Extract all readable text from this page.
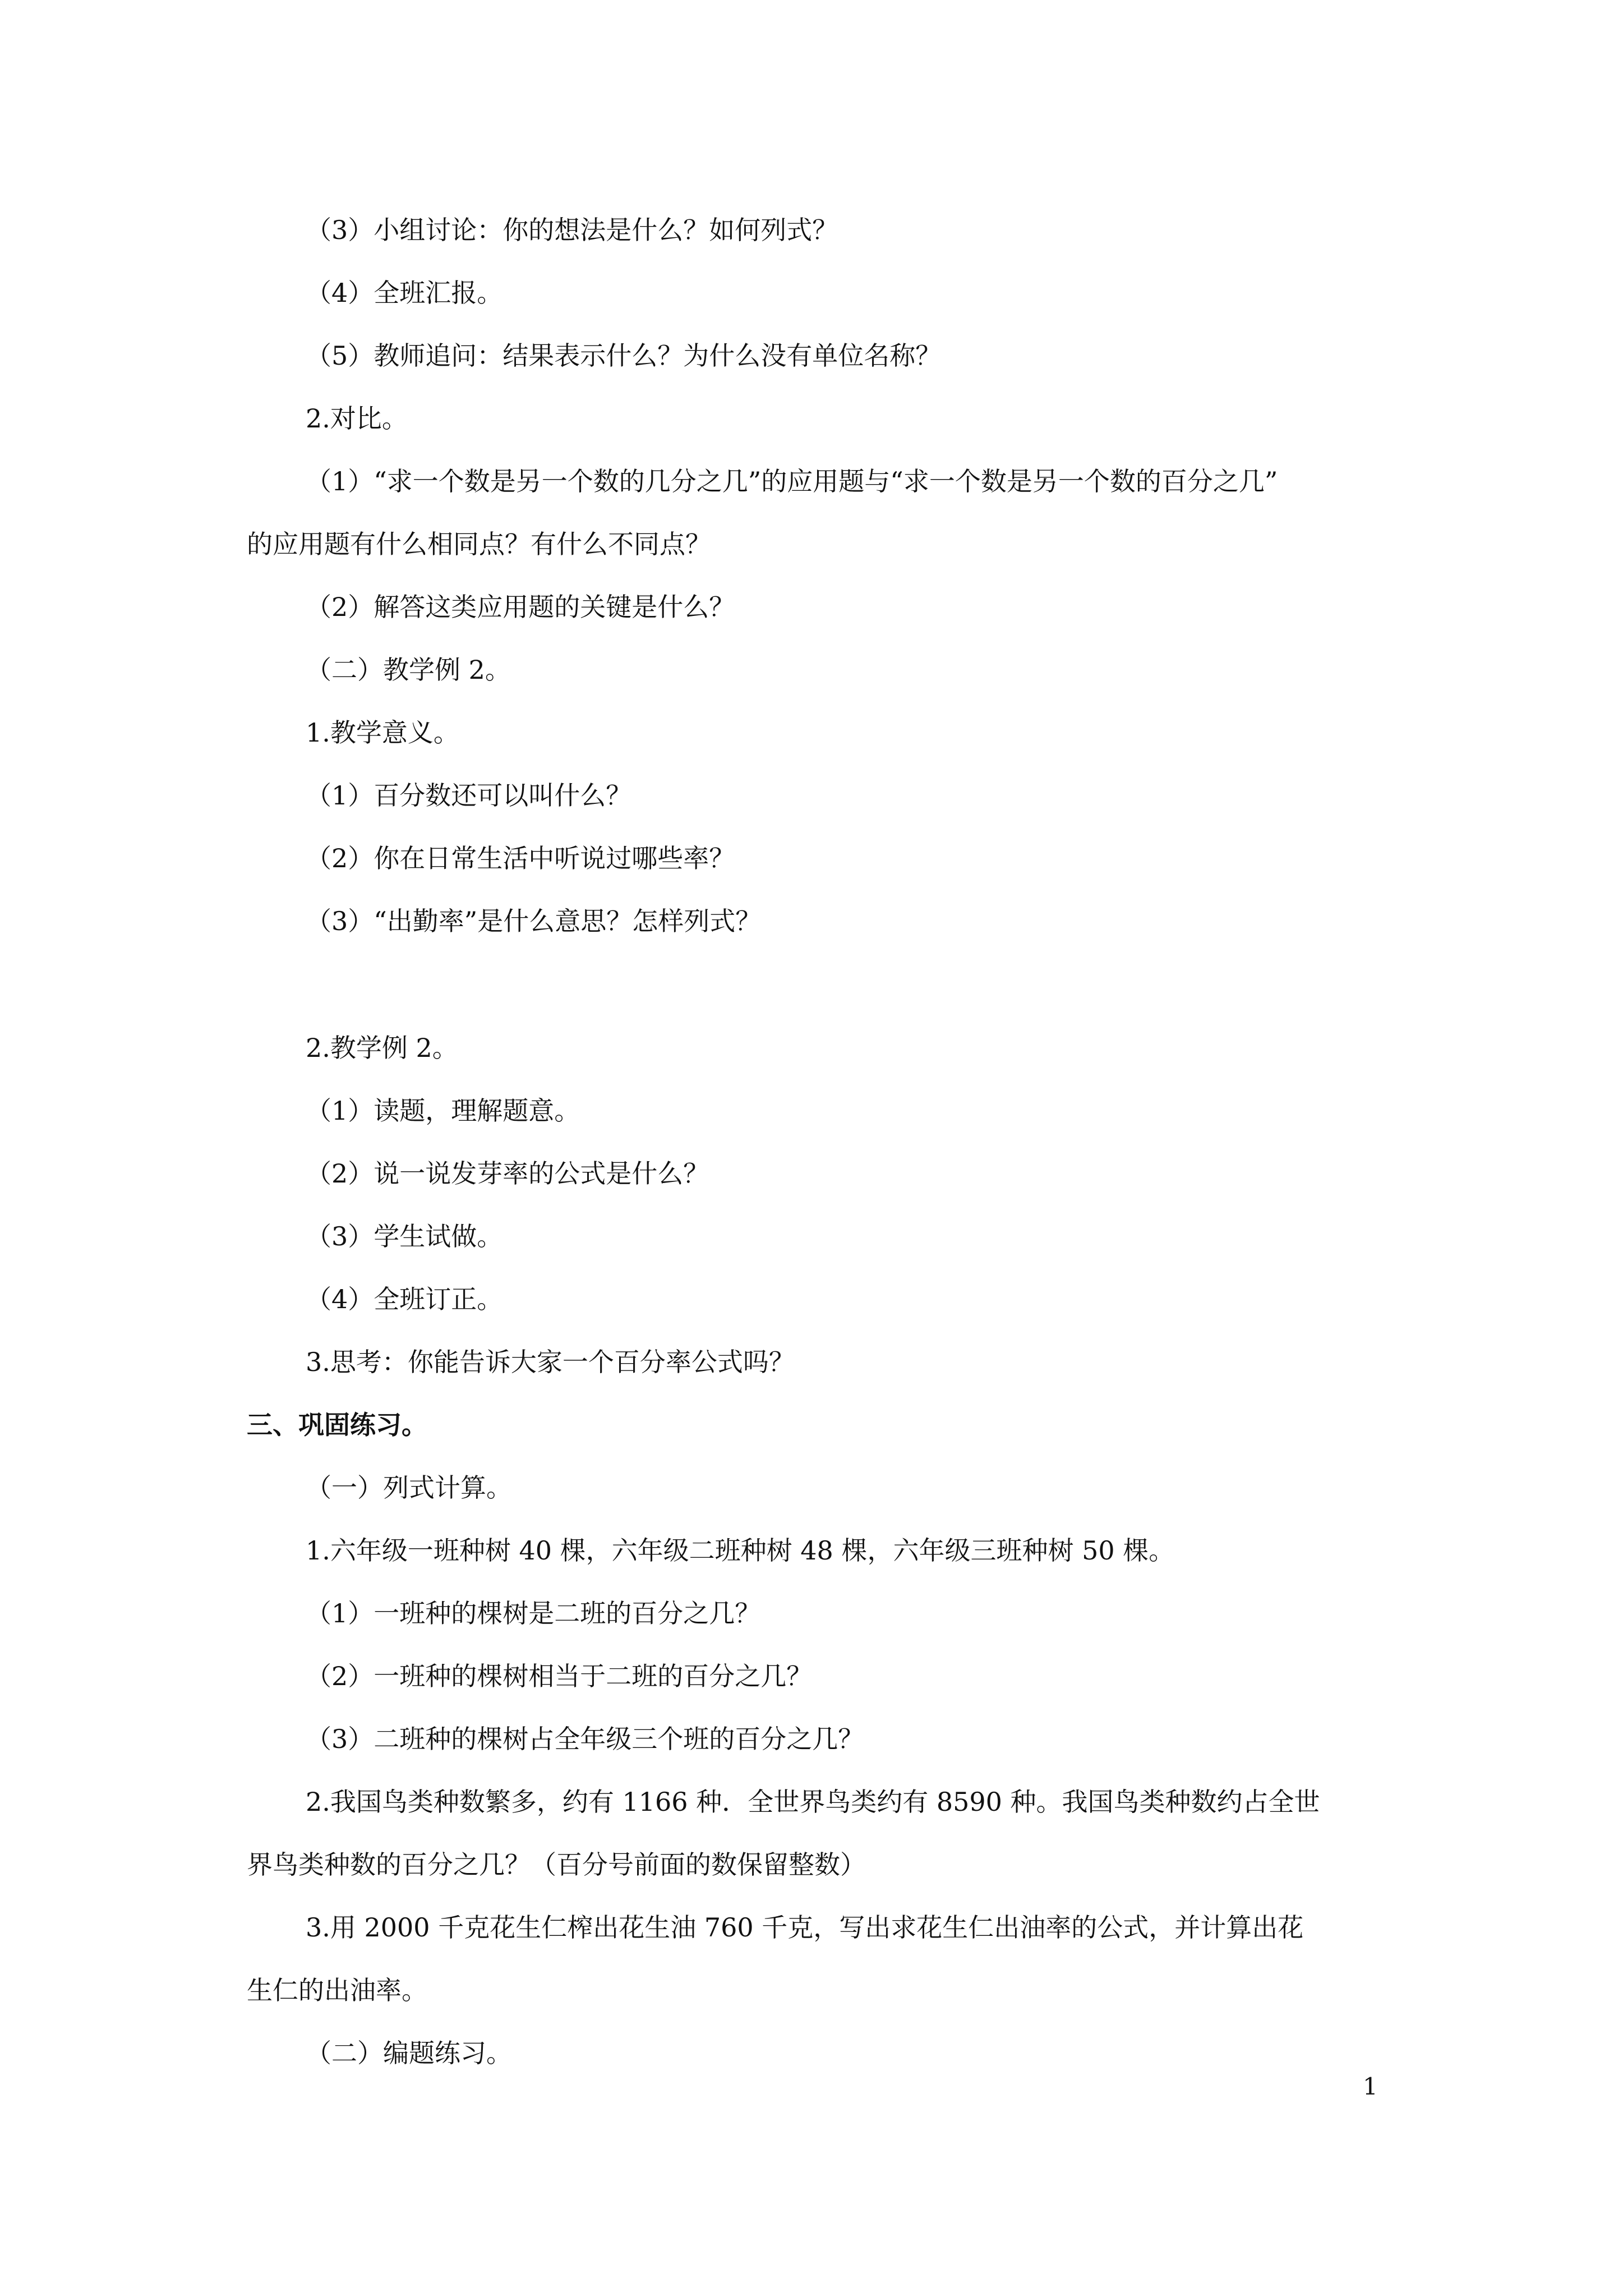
（3）小组讨论：你的想法是什么？如何列式？
（4）全班汇报。
（5）教师追问：结果表示什么？为什么没有单位名称？
2.对比。
（1）“求一个数是另一个数的几分之几”的应用题与“求一个数是另一个数的百分之几”
的应用题有什么相同点？有什么不同点？
（2）解答这类应用题的关键是什么？
（二）教学例 2。
1.教学意义。
（1）百分数还可以叫什么？
（2）你在日常生活中听说过哪些率？
（3）“出勤率”是什么意思？怎样列式？
2.教学例 2。
（1）读题，理解题意。
（2）说一说发芽率的公式是什么？
（3）学生试做。
（4）全班订正。
3.思考：你能告诉大家一个百分率公式吗？
三、巩固练习。
（一）列式计算。
1.六年级一班种树 40 棵，六年级二班种树 48 棵，六年级三班种树 50 棵。
（1）一班种的棵树是二班的百分之几？
（2）一班种的棵树相当于二班的百分之几？
（3）二班种的棵树占全年级三个班的百分之几？
2.我国鸟类种数繁多，约有 1166 种．全世界鸟类约有 8590 种。我国鸟类种数约占全世
界鸟类种数的百分之几？（百分号前面的数保留整数）
3.用 2000 千克花生仁榨出花生油 760 千克，写出求花生仁出油率的公式，并计算出花
生仁的出油率。
（二）编题练习。
1
